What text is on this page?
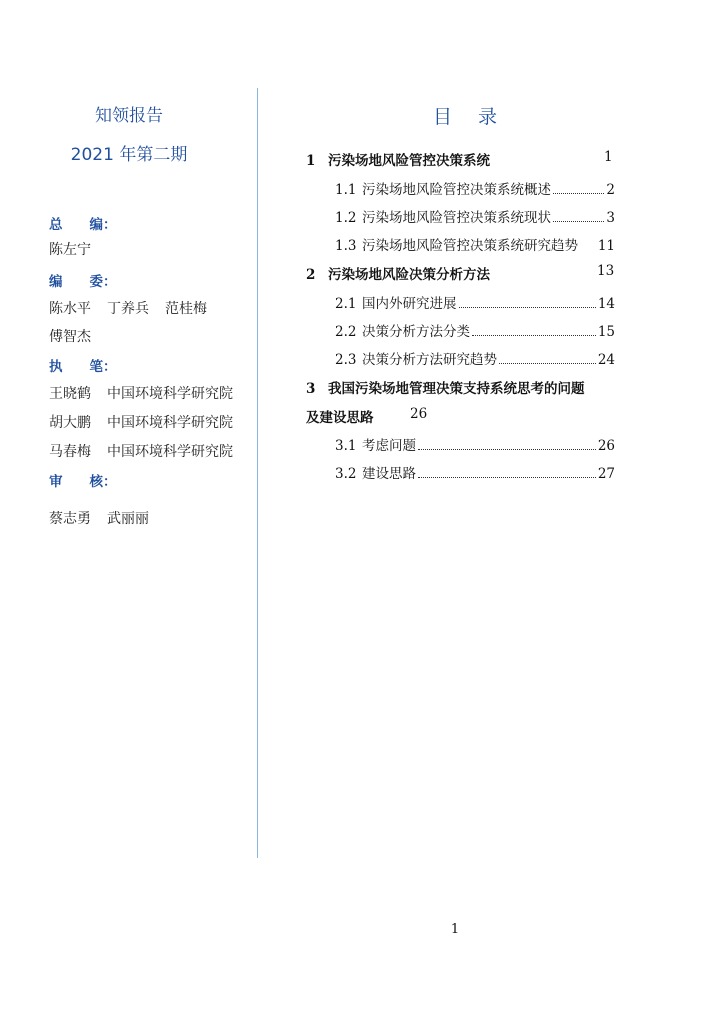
知领报告
2021 年第二期
总　　编：
陈左宁
编　　委：
陈水平 丁养兵 范桂梅
傅智杰
执　　笔：
王晓鹤 中国环境科学研究院
胡大鹏 中国环境科学研究院
马春梅 中国环境科学研究院
审　　核：
蔡志勇 武丽丽
目 录
1 污染场地风险管控决策系统	1
1.1 污染场地风险管控决策系统概述	2
1.2 污染场地风险管控决策系统现状	3
1.3 污染场地风险管控决策系统研究趋势 11
2 污染场地风险决策分析方法	13
2.1 国内外研究进展	14
2.2 决策分析方法分类	15
2.3 决策分析方法研究趋势	24
3 我国污染场地管理决策支持系统思考的问题
及建设思路	26
3.1 考虑问题	26
3.2 建设思路	27
1
